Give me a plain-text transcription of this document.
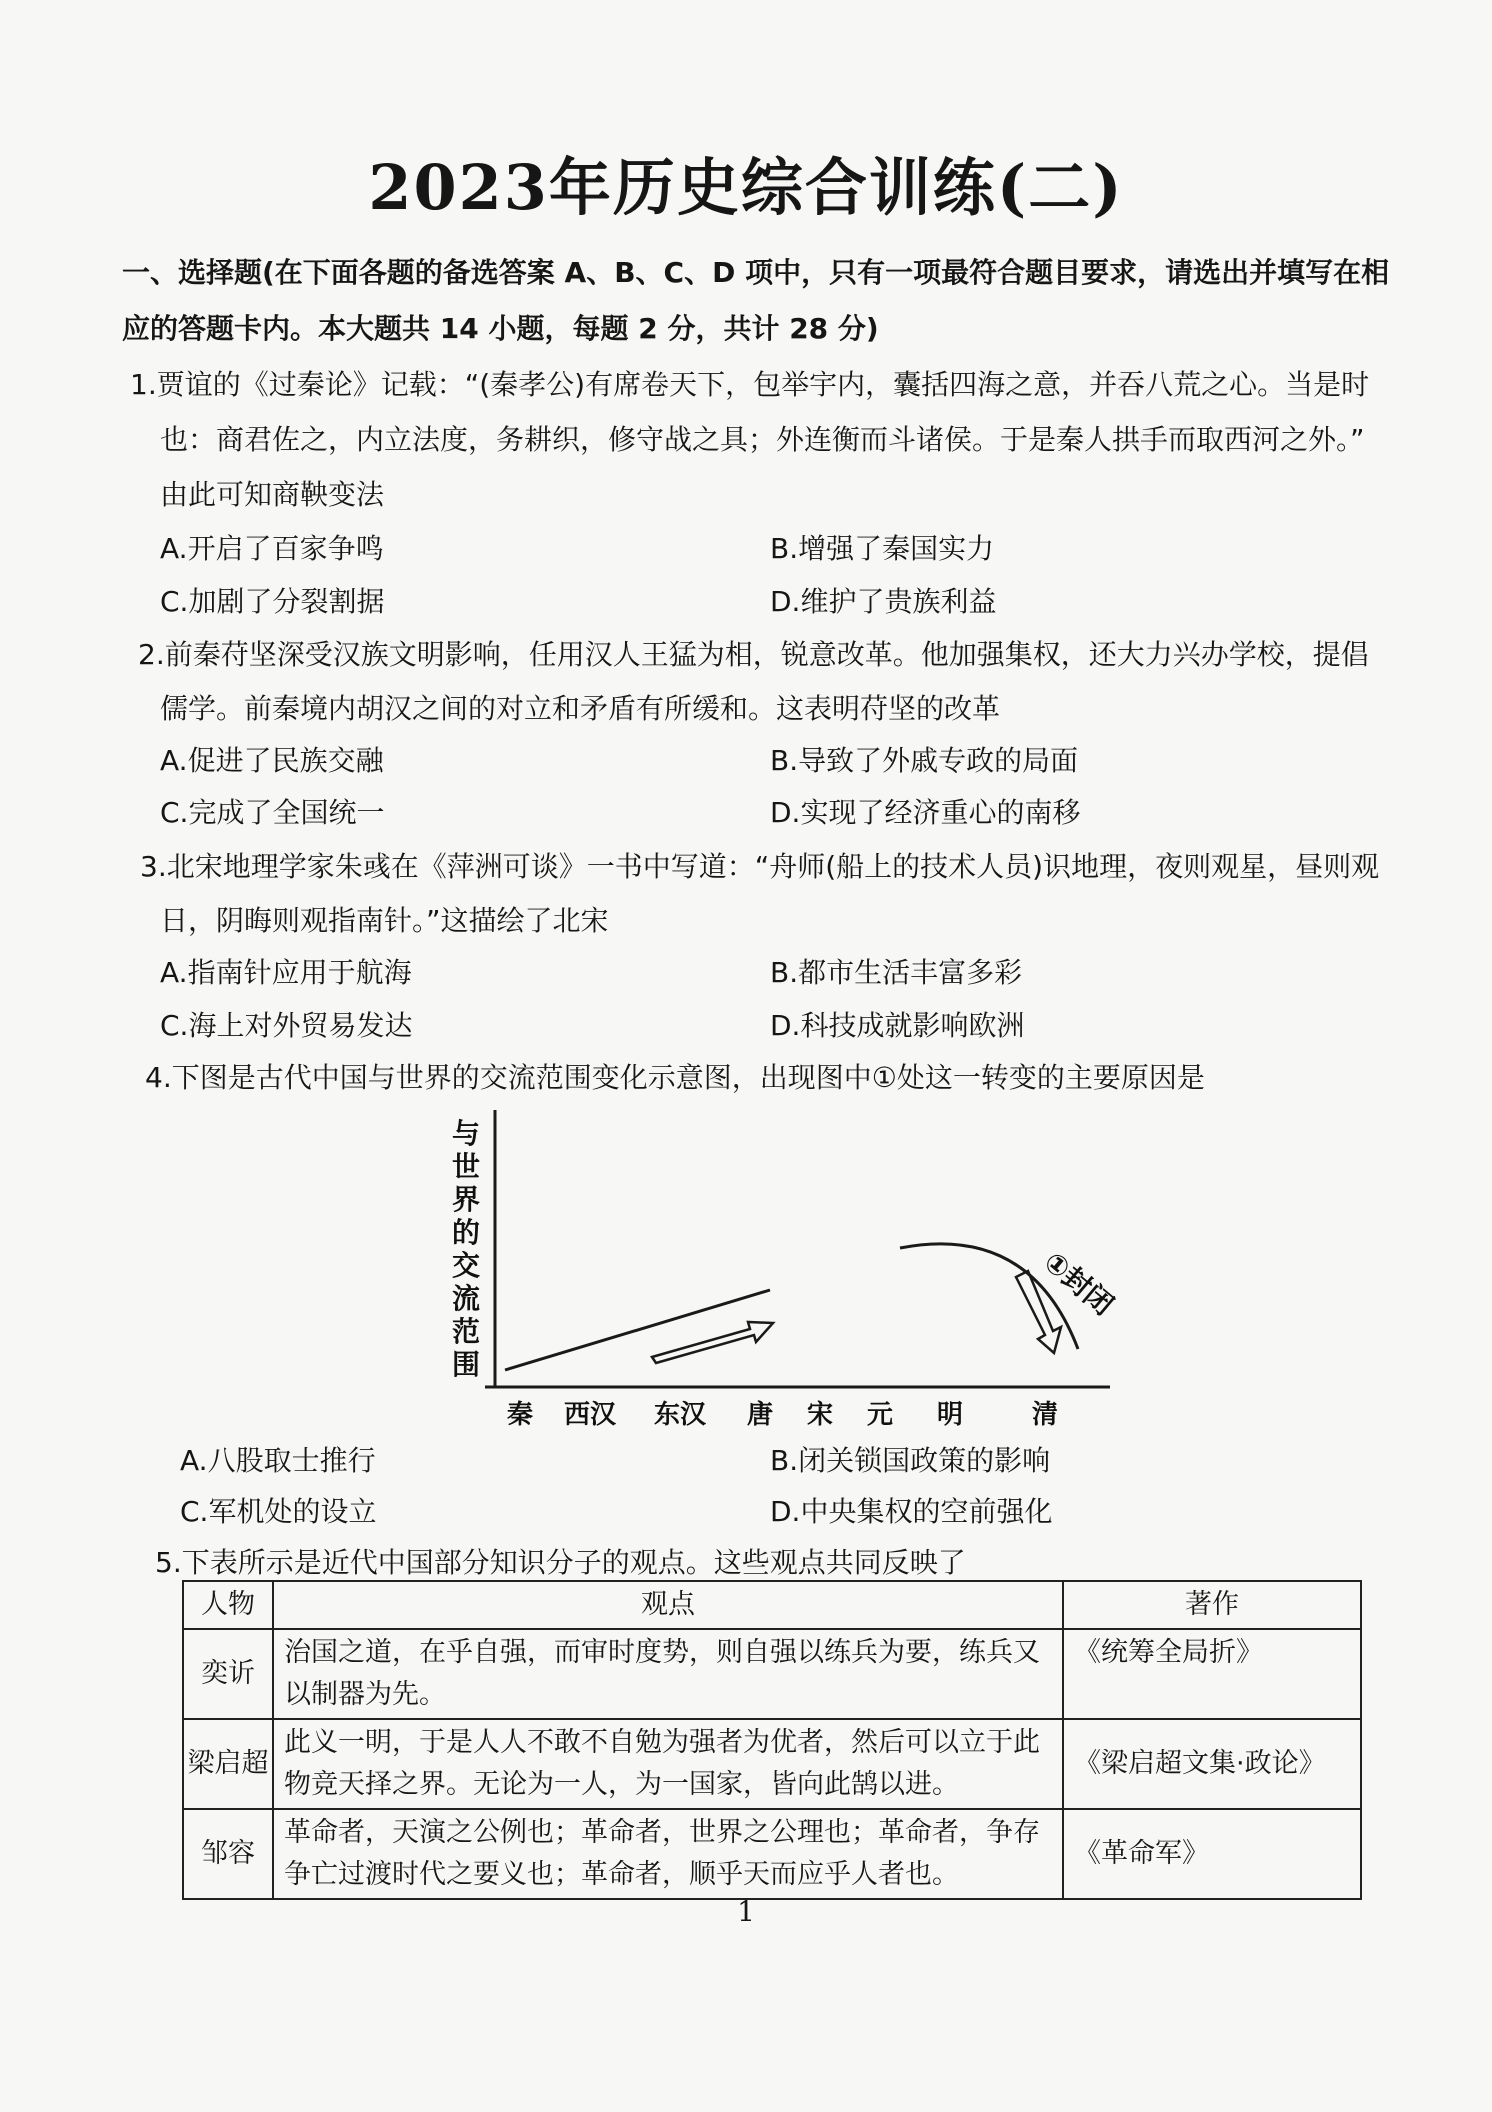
2023年历史综合训练(二)
一、选择题(在下面各题的备选答案 A、B、C、D 项中，只有一项最符合题目要求，请选出并填写在相
应的答题卡内。本大题共 14 小题，每题 2 分，共计 28 分)
1.贾谊的《过秦论》记载：“(秦孝公)有席卷天下，包举宇内，囊括四海之意，并吞八荒之心。当是时
也：商君佐之，内立法度，务耕织，修守战之具；外连衡而斗诸侯。于是秦人拱手而取西河之外。”
由此可知商鞅变法
A.开启了百家争鸣	B.增强了秦国实力
C.加剧了分裂割据	D.维护了贵族利益
2.前秦苻坚深受汉族文明影响，任用汉人王猛为相，锐意改革。他加强集权，还大力兴办学校，提倡
儒学。前秦境内胡汉之间的对立和矛盾有所缓和。这表明苻坚的改革
A.促进了民族交融	B.导致了外戚专政的局面
C.完成了全国统一	D.实现了经济重心的南移
3.北宋地理学家朱彧在《萍洲可谈》一书中写道：“舟师(船上的技术人员)识地理，夜则观星，昼则观
日，阴晦则观指南针。”这描绘了北宋
A.指南针应用于航海	B.都市生活丰富多彩
C.海上对外贸易发达	D.科技成就影响欧洲
4.下图是古代中国与世界的交流范围变化示意图，出现图中①处这一转变的主要原因是
①封闭
与
世
界
的
交
流
范
围
秦 西汉 东汉 唐 宋 元 明	清
A.八股取士推行	B.闭关锁国政策的影响
C.军机处的设立	D.中央集权的空前强化
5.下表所示是近代中国部分知识分子的观点。这些观点共同反映了
人物	观点	著作
奕䜣	治国之道，在乎自强，而审时度势，则自强以练兵为要，练兵又以制器为先。	《统筹全局折》
梁启超	此义一明，于是人人不敢不自勉为强者为优者，然后可以立于此物竞天择之界。无论为一人，为一国家，皆向此鹄以进。	《梁启超文集·政论》
邹容	革命者，天演之公例也；革命者，世界之公理也；革命者，争存争亡过渡时代之要义也；革命者，顺乎天而应乎人者也。	《革命军》
1
